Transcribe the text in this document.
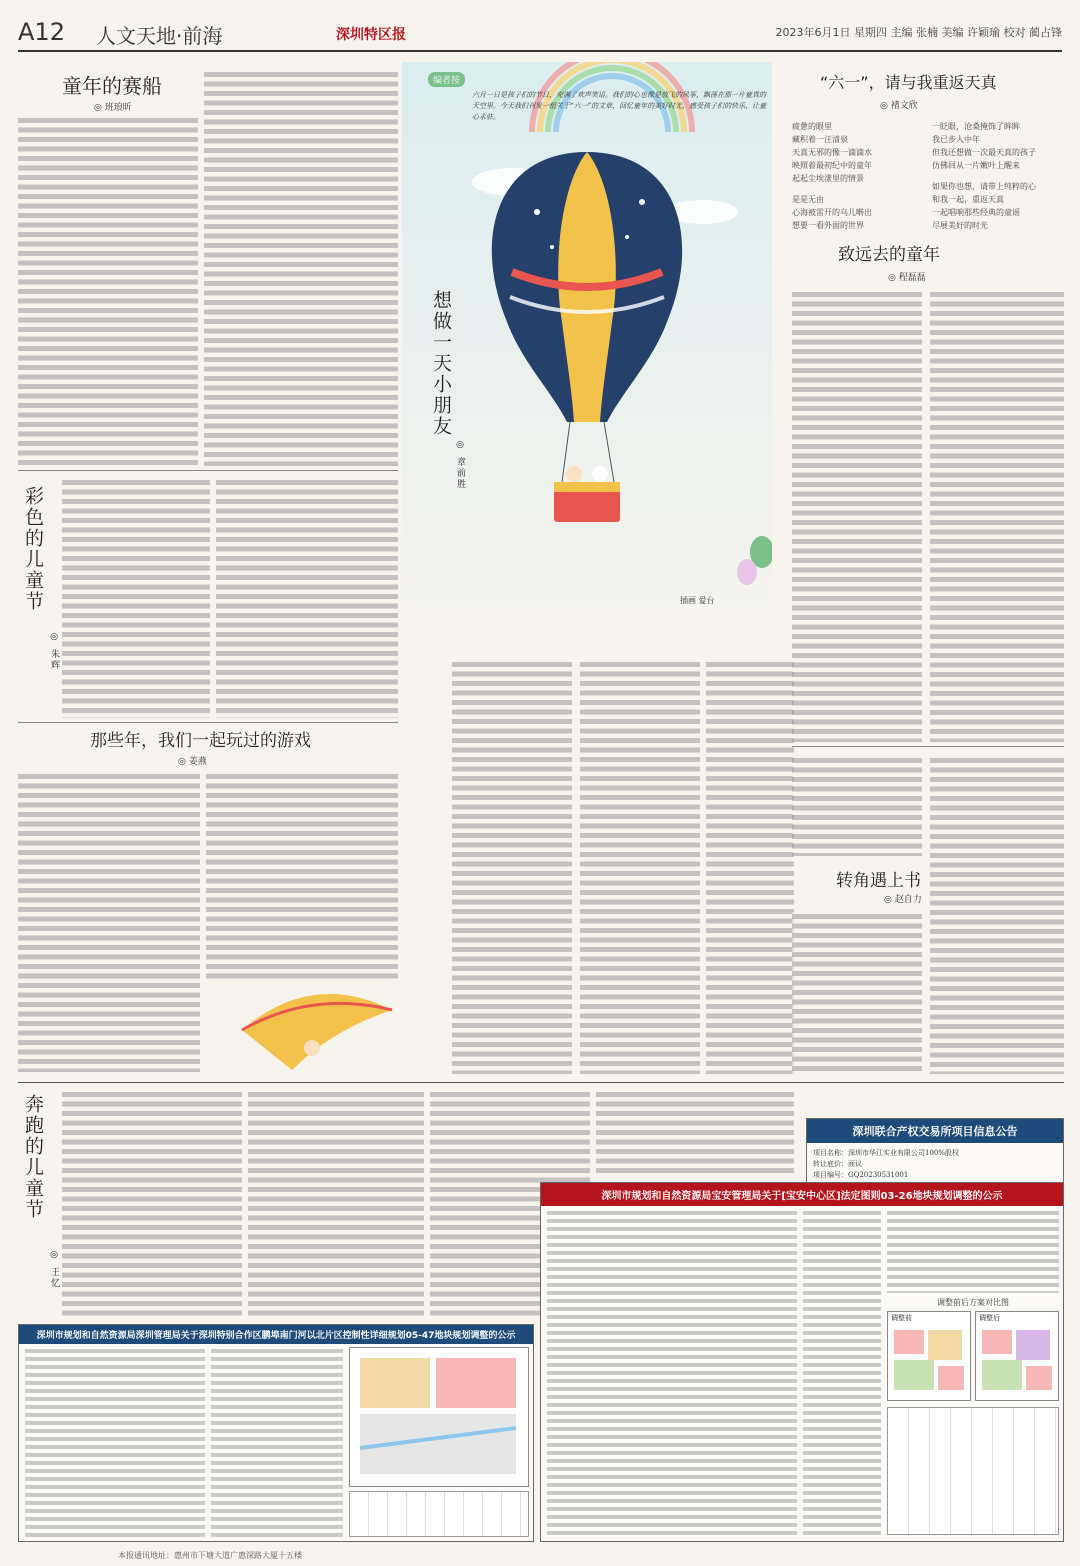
A12 人文天地·前海	深圳特区报	2023年6月1日 星期四 主编 张楠 美编 许颖瑜 校对 蔺占锋
童年的赛船
◎ 班琅昕
彩色的儿童节
◎ 朱辉
那些年，我们一起玩过的游戏
◎ 姜燕
编者按
六月一日是孩子们的节日，充满了欢声笑语。我们的心也像是放飞的风筝，飘荡在那一片童真的天空里。今天我们刊发一组关于“六一”的文章，回忆童年的美好时光，感受孩子们的快乐，让童心永驻。
想做一天小朋友
◎ 章前胜
插画 爱台
“六一”，请与我重返天真
◎ 褚文欣
疲惫的眼里
藏积着一汪清泉
天真无邪的像一滴滴水
映照着最初纪中的童年
起起尘埃漾里的情景
是是无由
心海被雷开的乌儿啭出
想要一看外面的世界
一眨眼，沧桑掩饰了眸眸
我已步入中年
但我还想做一次最天真的孩子
仿佛回从一片嫩叶上醒来
如果你也想，请带上纯粹的心
和我一起，重返天真
一起唱响那些经典的童谣
尽展美好的时光
致远去的童年
◎ 程磊磊
转角遇上书
◎ 赵自力
奔跑的儿童节
◎ 王忆
深圳联合产权交易所项目信息公告
项目名称：深圳市华江实业有限公司100%股权
转让底价：面议
项目编号：GQ20230531001
深圳市规划和自然资源局宝安管理局关于[宝安中心区]法定图则03-26地块规划调整的公示
调整前后方案对比图
调整前	调整后
深圳市规划和自然资源局深圳管理局关于深圳特别合作区鹏埠南门河以北片区控制性详细规划05-47地块规划调整的公示
本报通讯地址：惠州市下塘大道广惠深路大厦十五楼
